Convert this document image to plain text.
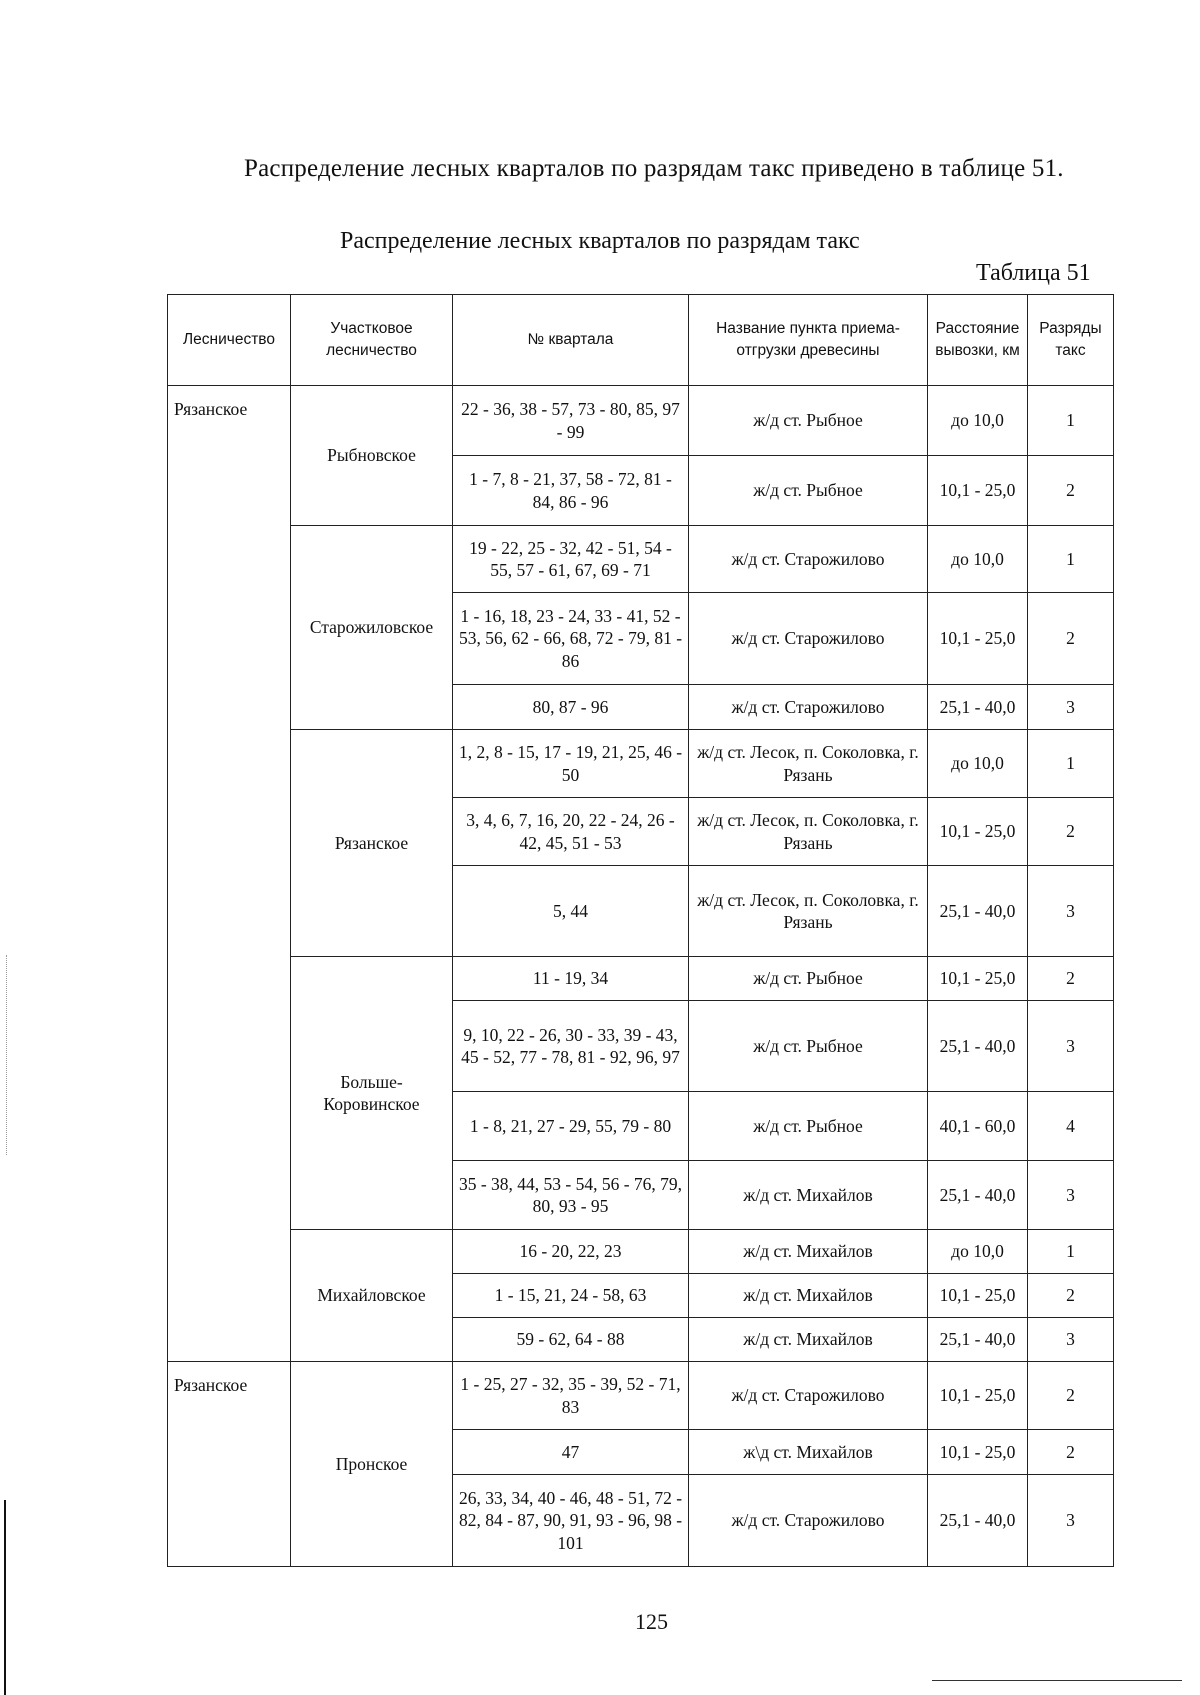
Распределение лесных кварталов по разрядам такс приведено в таблице 51.
Распределение лесных кварталов по разрядам такс
Таблица 51
Лесничество	Участковое лесничество	№ квартала	Название пункта приема-отгрузки древесины	Расстояние вывозки, км	Разряды такс
Рязанское	Рыбновское	22 - 36, 38 - 57, 73 - 80, 85, 97 - 99	ж/д ст. Рыбное	до 10,0	1
		1 - 7, 8 - 21, 37, 58 - 72, 81 - 84, 86 - 96	ж/д ст. Рыбное	10,1 - 25,0	2
	Старожиловское	19 - 22, 25 - 32, 42 - 51, 54 - 55, 57 - 61, 67, 69 - 71	ж/д ст. Старожилово	до 10,0	1
		1 - 16, 18, 23 - 24, 33 - 41, 52 - 53, 56, 62 - 66, 68, 72 - 79, 81 - 86	ж/д ст. Старожилово	10,1 - 25,0	2
		80, 87 - 96	ж/д ст. Старожилово	25,1 - 40,0	3
	Рязанское	1, 2, 8 - 15, 17 - 19, 21, 25, 46 - 50	ж/д ст. Лесок, п. Соколовка, г. Рязань	до 10,0	1
		3, 4, 6, 7, 16, 20, 22 - 24, 26 - 42, 45, 51 - 53	ж/д ст. Лесок, п. Соколовка, г. Рязань	10,1 - 25,0	2
		5, 44	ж/д ст. Лесок, п. Соколовка, г. Рязань	25,1 - 40,0	3
	Больше-Коровинское	11 - 19, 34	ж/д ст. Рыбное	10,1 - 25,0	2
		9, 10, 22 - 26, 30 - 33, 39 - 43, 45 - 52, 77 - 78, 81 - 92, 96, 97	ж/д ст. Рыбное	25,1 - 40,0	3
		1 - 8, 21, 27 - 29, 55, 79 - 80	ж/д ст. Рыбное	40,1 - 60,0	4
		35 - 38, 44, 53 - 54, 56 - 76, 79, 80, 93 - 95	ж/д ст. Михайлов	25,1 - 40,0	3
	Михайловское	16 - 20, 22, 23	ж/д ст. Михайлов	до 10,0	1
		1 - 15, 21, 24 - 58, 63	ж/д ст. Михайлов	10,1 - 25,0	2
		59 - 62, 64 - 88	ж/д ст. Михайлов	25,1 - 40,0	3
Рязанское	Пронское	1 - 25, 27 - 32, 35 - 39, 52 - 71, 83	ж/д ст. Старожилово	10,1 - 25,0	2
		47	ж\д ст. Михайлов	10,1 - 25,0	2
		26, 33, 34, 40 - 46, 48 - 51, 72 - 82, 84 - 87, 90, 91, 93 - 96, 98 - 101	ж/д ст. Старожилово	25,1 - 40,0	3
125
